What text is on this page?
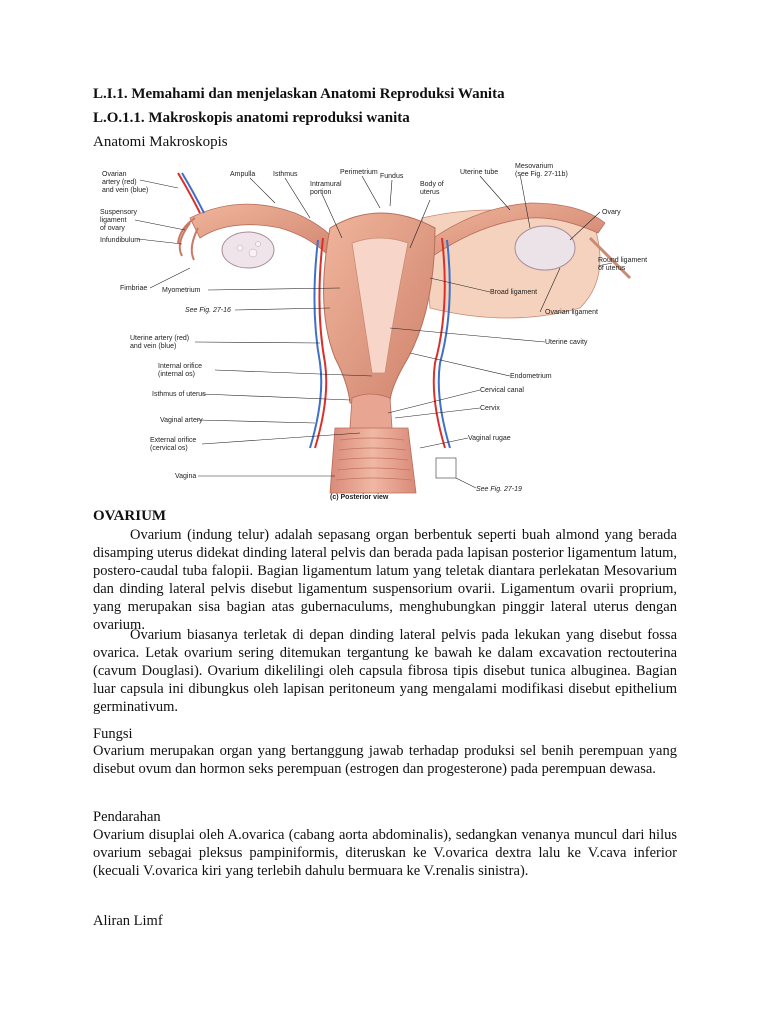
L.I.1. Memahami dan menjelaskan Anatomi Reproduksi Wanita
L.O.1.1. Makroskopis anatomi reproduksi wanita
Anatomi Makroskopis
Ovarian artery (red) and vein (blue)
Ampulla	Isthmus	Perimetrium
Intramural portion
Fundus
Body of uterus
Uterine tube
Mesovarium (see Fig. 27-11b)
Ovary
Suspensory ligament of ovary
Infundibulum
Fimbriae
Round ligament of uterus
Myometrium	Broad ligament
Ovarian ligament
See Fig. 27-16
Uterine artery (red) and vein (blue)
Uterine cavity
Internal orifice (internal os)	Endometrium
Isthmus of uterus
Cervical canal
Cervix
Vaginal artery
Vaginal rugae
External orifice (cervical os)
Vagina
See Fig. 27-19
(c) Posterior view
OVARIUM
Ovarium (indung telur) adalah sepasang organ berbentuk seperti buah almond yang berada disamping uterus didekat dinding lateral pelvis dan berada pada lapisan posterior ligamentum latum, postero-caudal tuba falopii. Bagian ligamentum latum yang teletak diantara perlekatan Mesovarium dan dinding lateral pelvis disebut ligamentum suspensorium ovarii. Ligamentum ovarii proprium, yang merupakan sisa bagian atas gubernaculums, menghubungkan pinggir lateral uterus dengan ovarium.
Ovarium biasanya terletak di depan dinding lateral pelvis pada lekukan yang disebut fossa ovarica. Letak ovarium sering ditemukan tergantung ke bawah ke dalam excavation rectouterina (cavum Douglasi). Ovarium dikelilingi oleh capsula fibrosa tipis disebut tunica albuginea. Bagian luar capsula ini dibungkus oleh lapisan peritoneum yang mengalami modifikasi disebut epithelium germinativum.
Fungsi
Ovarium merupakan organ yang bertanggung jawab terhadap produksi sel benih perempuan yang disebut ovum dan hormon seks perempuan (estrogen dan progesterone) pada perempuan dewasa.
Pendarahan
Ovarium disuplai oleh A.ovarica (cabang aorta abdominalis), sedangkan venanya muncul dari hilus ovarium sebagai pleksus pampiniformis, diteruskan ke V.ovarica dextra lalu ke V.cava inferior (kecuali V.ovarica kiri yang terlebih dahulu bermuara ke V.renalis sinistra).
Aliran Limf
